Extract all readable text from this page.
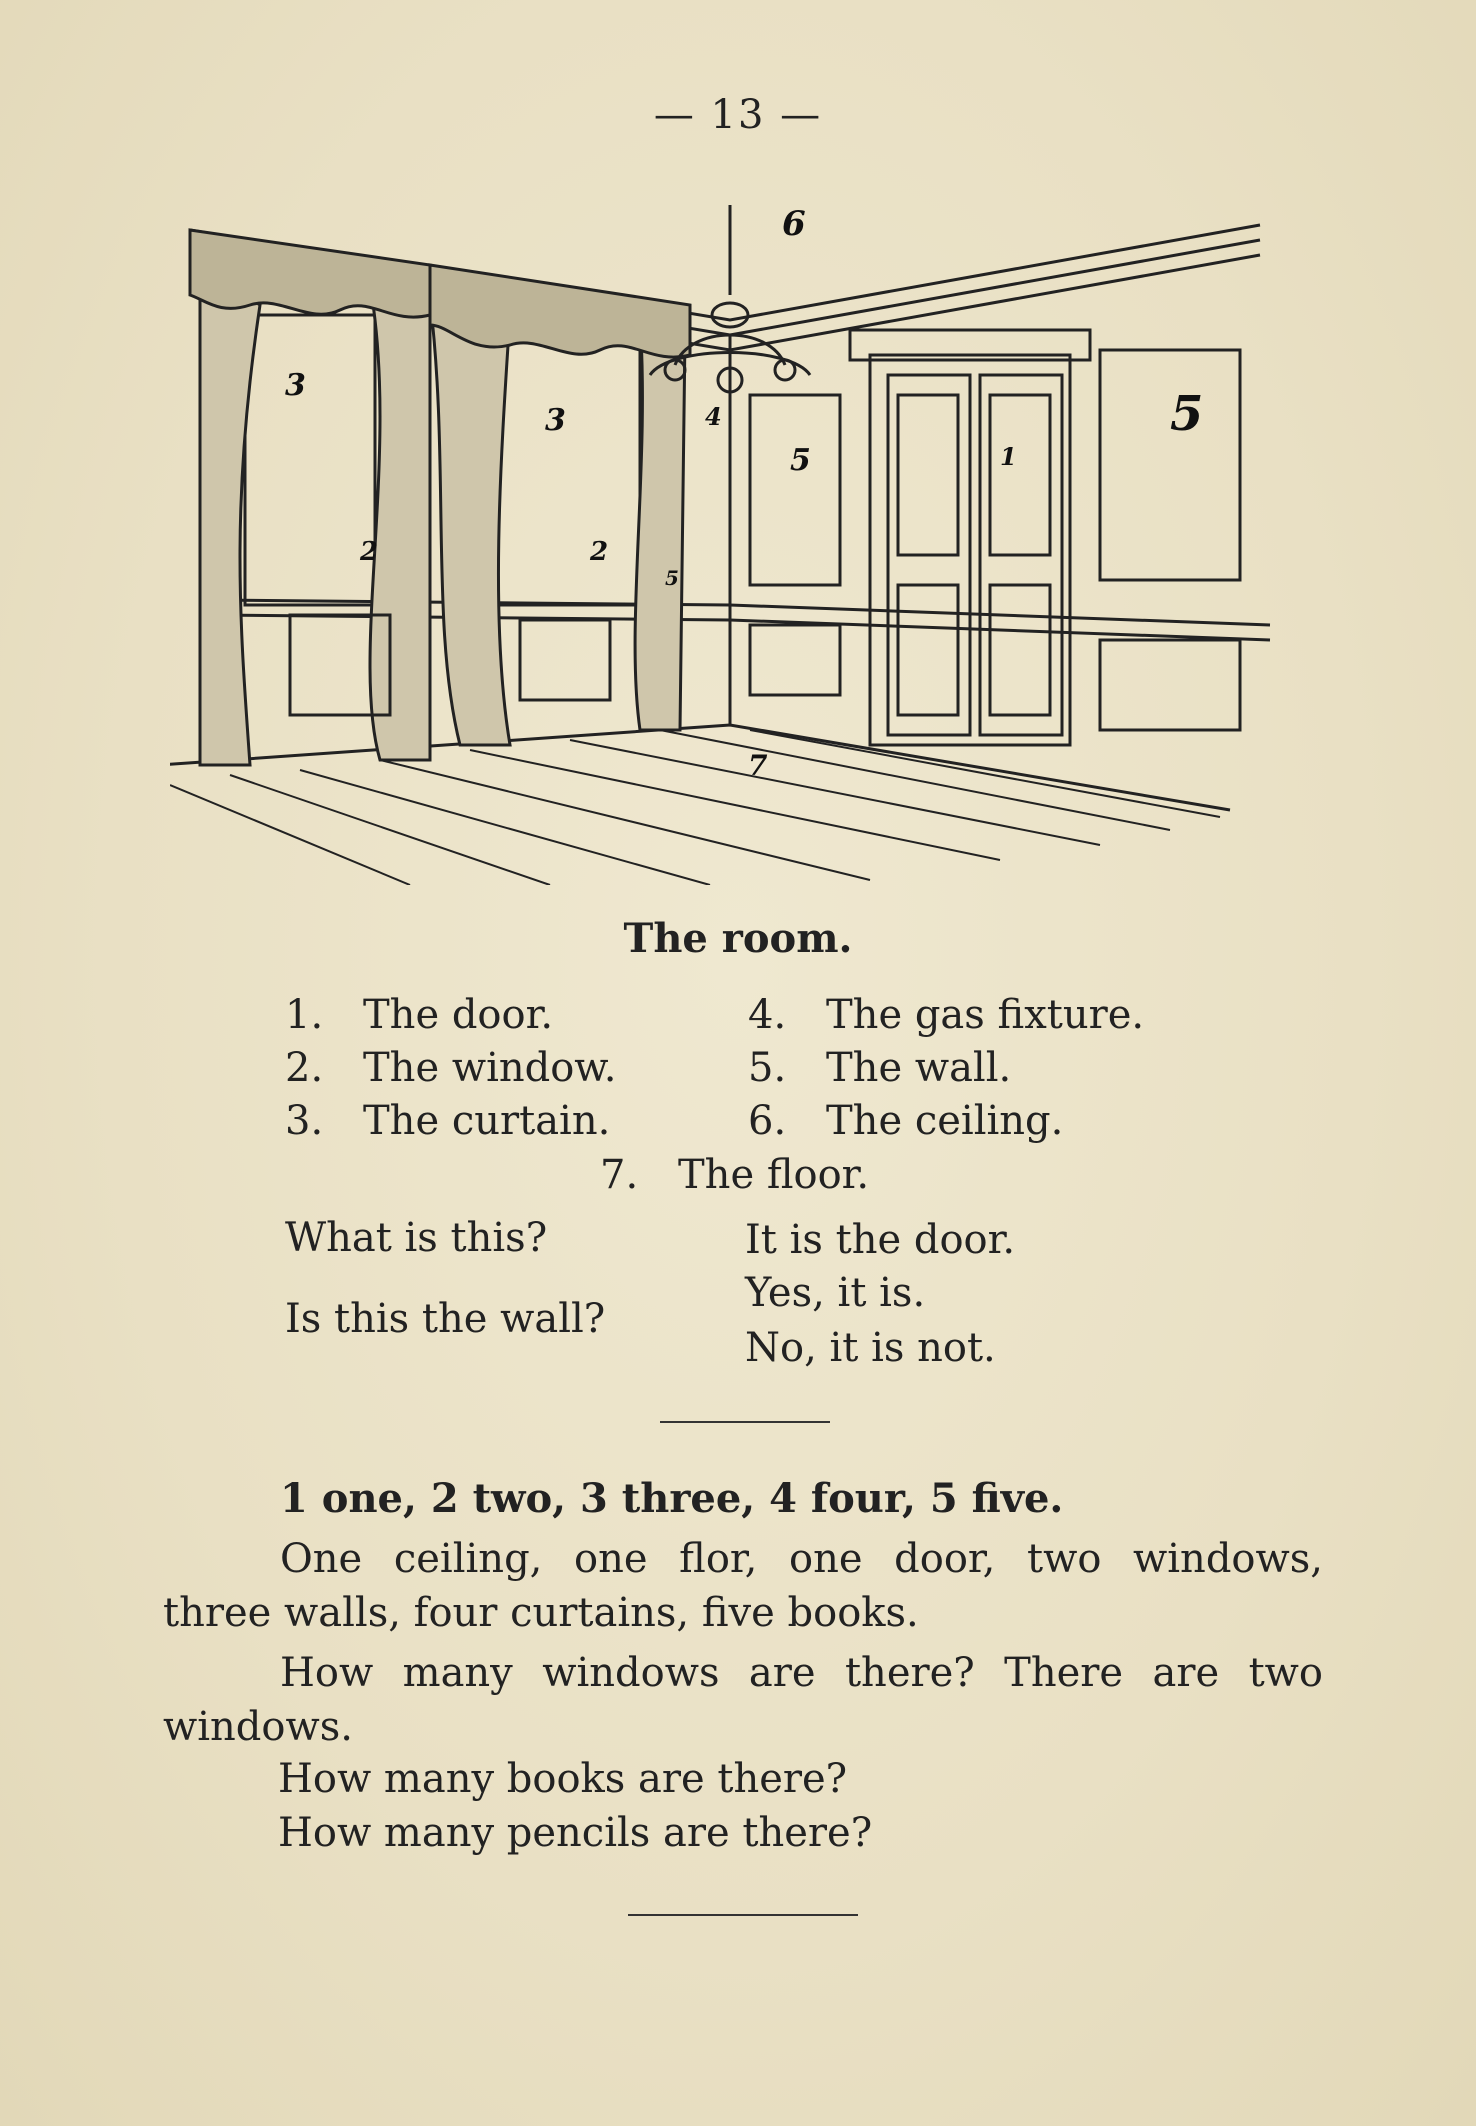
— 13 —
6
5
5	1
3
3
2	2
4
5
7
The room.
1. The door.
2. The window.
3. The curtain.
4. The gas fixture.
5. The wall.
6. The ceiling.
7. The floor.
What is this?	It is the door.
Is this the wall?
Yes, it is.
No, it is not.
1 one, 2 two, 3 three, 4 four, 5 five.
One ceiling, one flor, one door, two windows,
three walls, four curtains, five books.
How many windows are there? There are two
windows.
How many books are there?
How many pencils are there?
